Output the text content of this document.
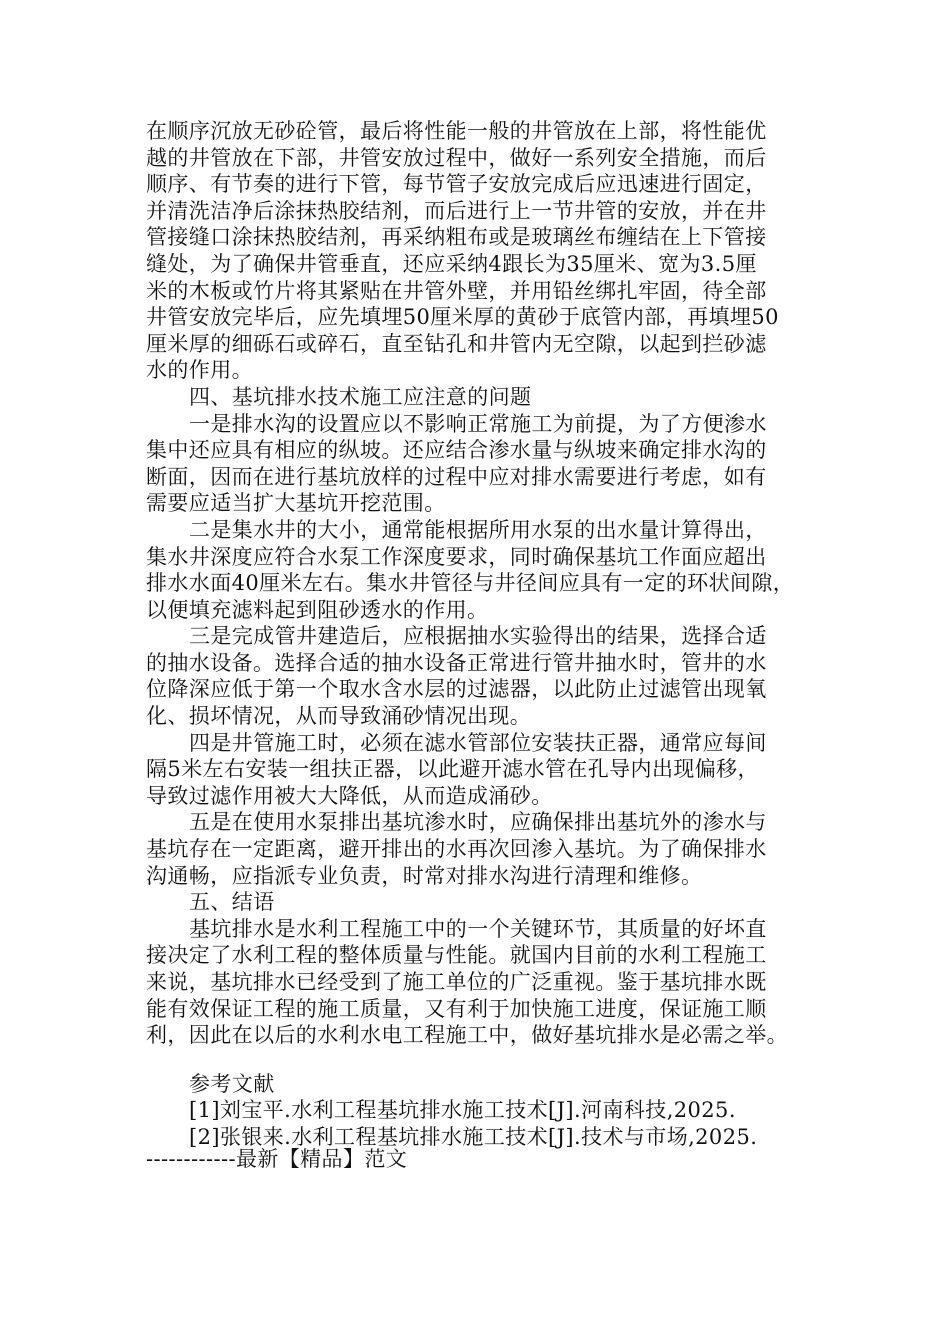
在顺序沉放无砂砼管，最后将性能一般的井管放在上部，将性能优
越的井管放在下部，井管安放过程中，做好一系列安全措施，而后
顺序、有节奏的进行下管，每节管子安放完成后应迅速进行固定，
并清洗洁净后涂抹热胶结剂，而后进行上一节井管的安放，并在井
管接缝口涂抹热胶结剂，再采纳粗布或是玻璃丝布缠结在上下管接
缝处，为了确保井管垂直，还应采纳4跟长为35厘米、宽为3.5厘
米的木板或竹片将其紧贴在井管外壁，并用铅丝绑扎牢固，待全部
井管安放完毕后，应先填埋50厘米厚的黄砂于底管内部，再填埋50
厘米厚的细砾石或碎石，直至钻孔和井管内无空隙，以起到拦砂滤
水的作用。
四、基坑排水技术施工应注意的问题
一是排水沟的设置应以不影响正常施工为前提，为了方便渗水
集中还应具有相应的纵坡。还应结合渗水量与纵坡来确定排水沟的
断面，因而在进行基坑放样的过程中应对排水需要进行考虑，如有
需要应适当扩大基坑开挖范围。
二是集水井的大小，通常能根据所用水泵的出水量计算得出，
集水井深度应符合水泵工作深度要求，同时确保基坑工作面应超出
排水水面40厘米左右。集水井管径与井径间应具有一定的环状间隙，
以便填充滤料起到阻砂透水的作用。
三是完成管井建造后，应根据抽水实验得出的结果，选择合适
的抽水设备。选择合适的抽水设备正常进行管井抽水时，管井的水
位降深应低于第一个取水含水层的过滤器，以此防止过滤管出现氧
化、损坏情况，从而导致涌砂情况出现。
四是井管施工时，必须在滤水管部位安装扶正器，通常应每间
隔5米左右安装一组扶正器，以此避开滤水管在孔导内出现偏移，
导致过滤作用被大大降低，从而造成涌砂。
五是在使用水泵排出基坑渗水时，应确保排出基坑外的渗水与
基坑存在一定距离，避开排出的水再次回渗入基坑。为了确保排水
沟通畅，应指派专业负责，时常对排水沟进行清理和维修。
五、结语
基坑排水是水利工程施工中的一个关键环节，其质量的好坏直
接决定了水利工程的整体质量与性能。就国内目前的水利工程施工
来说，基坑排水已经受到了施工单位的广泛重视。鉴于基坑排水既
能有效保证工程的施工质量，又有利于加快施工进度，保证施工顺
利，因此在以后的水利水电工程施工中，做好基坑排水是必需之举。
参考文献
[1]刘宝平.水利工程基坑排水施工技术[J].河南科技,2025.
[2]张银来.水利工程基坑排水施工技术[J].技术与市场,2025.
------------最新【精品】范文
